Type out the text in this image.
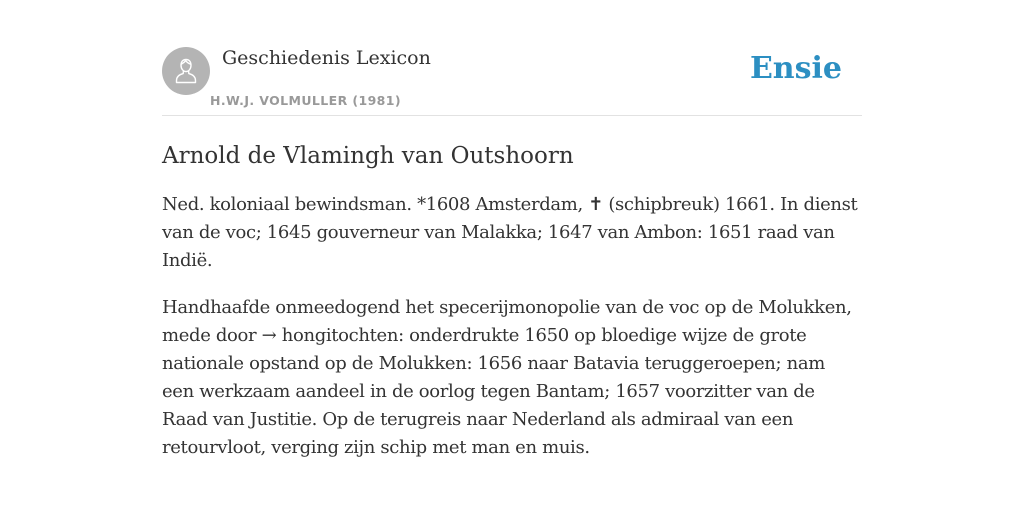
Geschiedenis Lexicon
H.W.J. VOLMULLER (1981)
Ensie
Arnold de Vlamingh van Outshoorn

Ned. koloniaal bewindsman. *1608 Amsterdam, ✝ (schipbreuk) 1661. In dienst van de voc; 1645 gouverneur van Malakka; 1647 van Ambon: 1651 raad van Indië.

Handhaafde onmeedogend het specerijmonopolie van de voc op de Molukken, mede door → hongitochten: onderdrukte 1650 op bloedige wijze de grote nationale opstand op de Molukken: 1656 naar Batavia teruggeroepen; nam een werkzaam aandeel in de oorlog tegen Bantam; 1657 voorzitter van de Raad van Justitie. Op de terugreis naar Nederland als admiraal van een retourvloot, verging zijn schip met man en muis.
